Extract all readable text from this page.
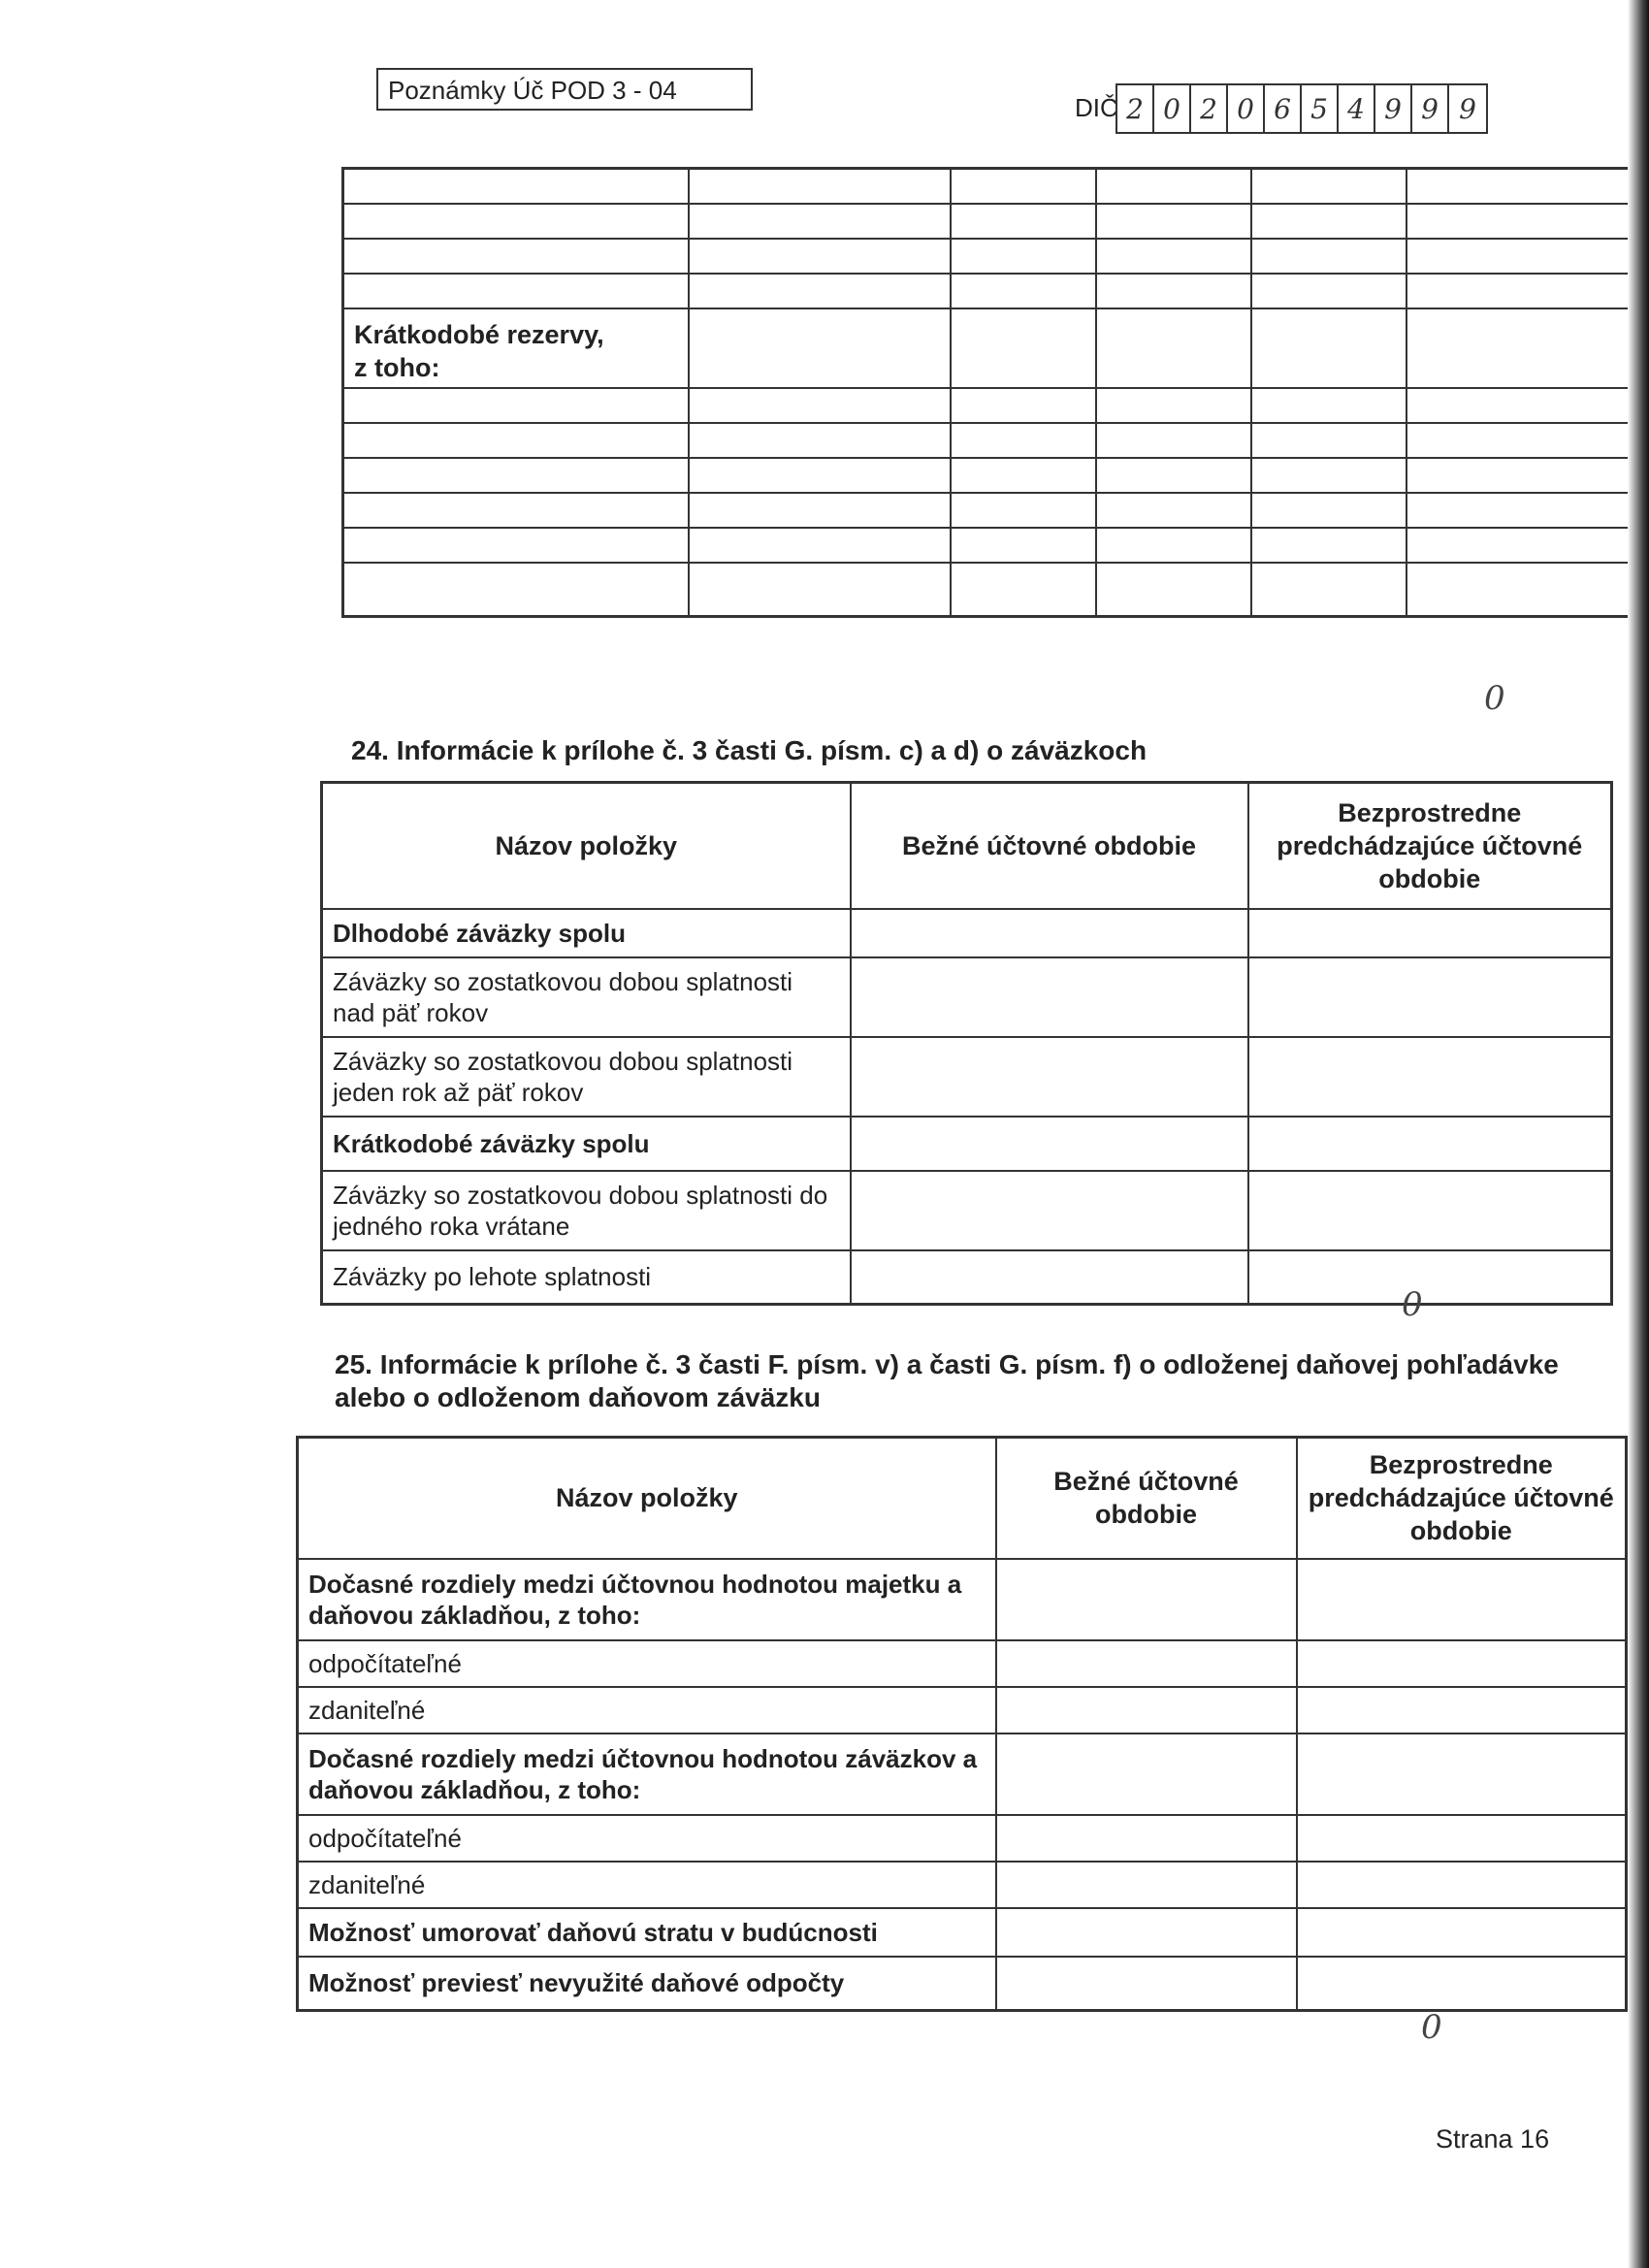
Poznámky Úč POD 3 - 04
DIČ 2 0 2 0 6 5 4 9 9 9

Krátkodobé rezervy,
z toho:					

0
24. Informácie k prílohe č. 3 časti G. písm. c) a d) o záväzkoch
Názov položky	Bežné účtovné obdobie	Bezprostredne predchádzajúce účtovné obdobie
Dlhodobé záväzky spolu		
Záväzky so zostatkovou dobou splatnosti nad päť rokov		
Záväzky so zostatkovou dobou splatnosti jeden rok až päť rokov		
Krátkodobé záväzky spolu		
Záväzky so zostatkovou dobou splatnosti do jedného roka vrátane		
Záväzky po lehote splatnosti		
0
25. Informácie k prílohe č. 3 časti F. písm. v) a časti G. písm. f) o odloženej daňovej pohľadávke alebo o odloženom daňovom záväzku
Názov položky	Bežné účtovné obdobie	Bezprostredne predchádzajúce účtovné obdobie
Dočasné rozdiely medzi účtovnou hodnotou majetku a daňovou základňou, z toho:		
odpočítateľné		
zdaniteľné		
Dočasné rozdiely medzi účtovnou hodnotou záväzkov a daňovou základňou, z toho:		
odpočítateľné		
zdaniteľné		
Možnosť umorovať daňovú stratu v budúcnosti		
Možnosť previesť nevyužité daňové odpočty		
0
Strana 16
